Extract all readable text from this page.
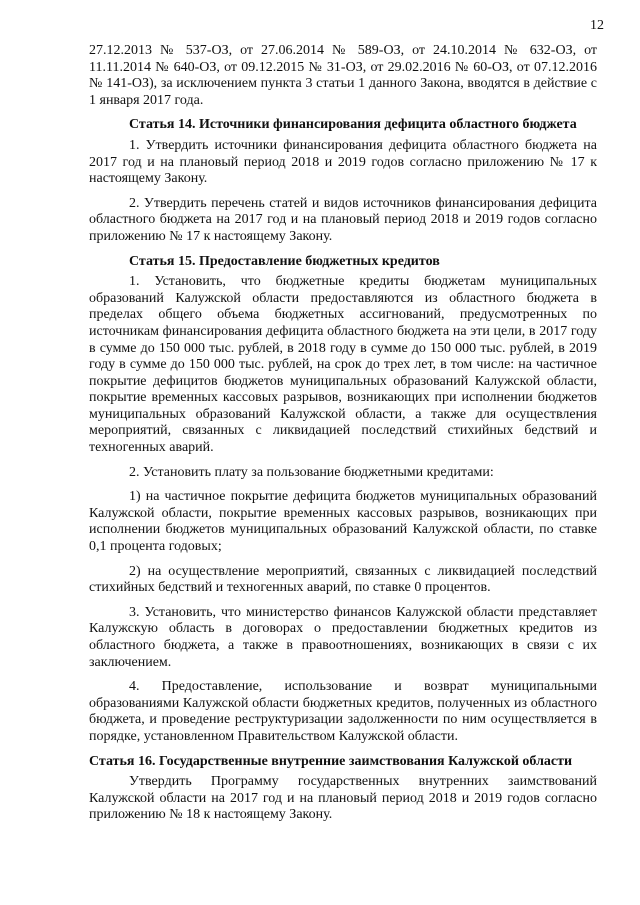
12

27.12.2013 № 537-ОЗ, от 27.06.2014 № 589-ОЗ, от 24.10.2014 № 632-ОЗ, от 11.11.2014 № 640-ОЗ, от 09.12.2015 № 31-ОЗ, от 29.02.2016 № 60-ОЗ, от 07.12.2016 № 141-ОЗ), за исключением пункта 3 статьи 1 данного Закона, вводятся в действие с 1 января 2017 года.

Статья 14. Источники финансирования дефицита областного бюджета

1. Утвердить источники финансирования дефицита областного бюджета на 2017 год и на плановый период 2018 и 2019 годов согласно приложению № 17 к настоящему Закону.

2. Утвердить перечень статей и видов источников финансирования дефицита областного бюджета на 2017 год и на плановый период 2018 и 2019 годов согласно приложению № 17 к настоящему Закону.

Статья 15. Предоставление бюджетных кредитов

1. Установить, что бюджетные кредиты бюджетам муниципальных образований Калужской области предоставляются из областного бюджета в пределах общего объема бюджетных ассигнований, предусмотренных по источникам финансирования дефицита областного бюджета на эти цели, в 2017 году в сумме до 150 000 тыс. рублей, в 2018 году в сумме до 150 000 тыс. рублей, в 2019 году в сумме до 150 000 тыс. рублей, на срок до трех лет, в том числе: на частичное покрытие дефицитов бюджетов муниципальных образований Калужской области, покрытие временных кассовых разрывов, возникающих при исполнении бюджетов муниципальных образований Калужской области, а также для осуществления мероприятий, связанных с ликвидацией последствий стихийных бедствий и техногенных аварий.

2. Установить плату за пользование бюджетными кредитами:

1) на частичное покрытие дефицита бюджетов муниципальных образований Калужской области, покрытие временных кассовых разрывов, возникающих при исполнении бюджетов муниципальных образований Калужской области, по ставке 0,1 процента годовых;

2) на осуществление мероприятий, связанных с ликвидацией последствий стихийных бедствий и техногенных аварий, по ставке 0 процентов.

3. Установить, что министерство финансов Калужской области представляет Калужскую область в договорах о предоставлении бюджетных кредитов из областного бюджета, а также в правоотношениях, возникающих в связи с их заключением.

4. Предоставление, использование и возврат муниципальными образованиями Калужской области бюджетных кредитов, полученных из областного бюджета, и проведение реструктуризации задолженности по ним осуществляется в порядке, установленном Правительством Калужской области.

Статья 16. Государственные внутренние заимствования Калужской области

Утвердить Программу государственных внутренних заимствований Калужской области на 2017 год и на плановый период 2018 и 2019 годов согласно приложению № 18 к настоящему Закону.
